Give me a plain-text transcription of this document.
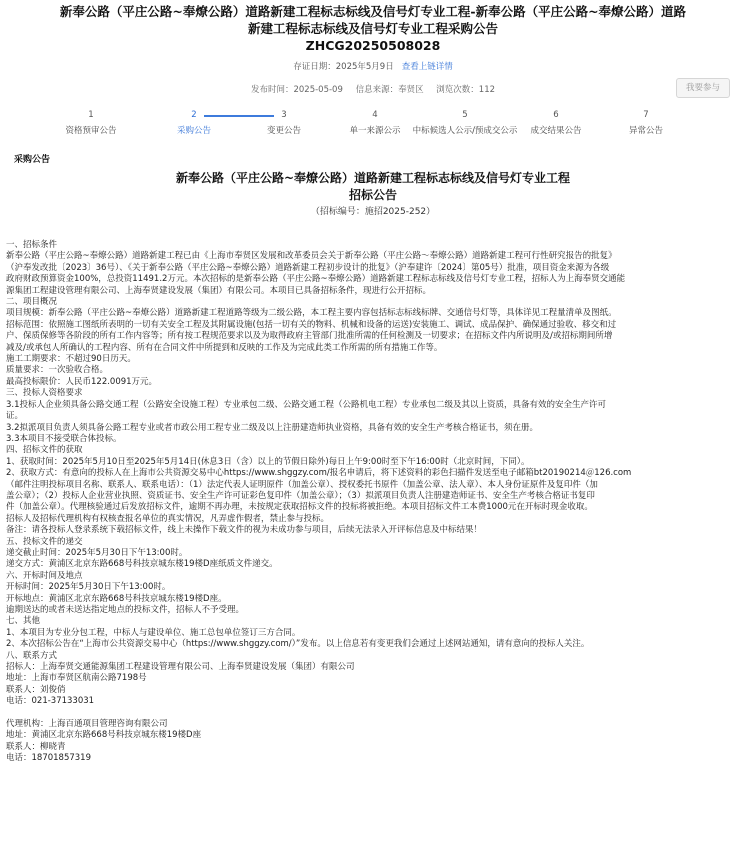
新奉公路（平庄公路~奉燎公路）道路新建工程标志标线及信号灯专业工程-新奉公路（平庄公路~奉燎公路）道路
新建工程标志标线及信号灯专业工程采购公告
ZHCG20250508028
存证日期：2025年5月9日 查看上链详情
发布时间：2025-05-09 信息来源：奉贤区 浏览次数：112	我要参与
1
资格预审公告
2
采购公告
3
变更公告
4
单一来源公示
5
中标候选人公示/预成交公示
6
成交结果公告
7
异常公告
采购公告
新奉公路（平庄公路~奉燎公路）道路新建工程标志标线及信号灯专业工程
招标公告
（招标编号：施招2025-252）

一、招标条件

新奉公路（平庄公路~奉燎公路）道路新建工程已由《上海市奉贤区发展和改革委员会关于新奉公路（平庄公路～奉燎公路）道路新建工程可行性研究报告的批复》

（沪奉发改批〔2023〕36号）、《关于新奉公路（平庄公路~奉燎公路）道路新建工程初步设计的批复》（沪奉建许〔2024〕第05号）批准，项目资金来源为各级

政府财政预算资金100%，总投资11491.2万元。本次招标的是新奉公路（平庄公路~奉燎公路）道路新建工程标志标线及信号灯专业工程，招标人为上海奉贤交通能

源集团工程建设管理有限公司、上海奉贤建设发展（集团）有限公司。本项目已具备招标条件，现进行公开招标。

二、项目概况

项目规模：新奉公路（平庄公路~奉燎公路）道路新建工程道路等级为二级公路，本工程主要内容包括标志标线标牌、交通信号灯等，具体详见工程量清单及图纸。

招标范围：依照施工图纸所表明的一切有关安全工程及其附属设施(包括一切有关的物料、机械和设备的运送)安装施工、调试、成品保护、确保通过验收、移交和过

户、保质保修等各阶段的所有工作内容等；所有按工程规范要求以及为取得政府主管部门批准所需的任何检测及一切要求；在招标文件内所说明及/或招标期间所增

减及/或承包人所确认的工程内容、所有在合同文件中所提到和反映的工作及为完成此类工作所需的所有措施工作等。

施工工期要求：不超过90日历天。

质量要求：一次验收合格。

最高投标限价：人民币122.0091万元。

三、投标人资格要求

3.1投标人企业须具备公路交通工程（公路安全设施工程）专业承包二级、公路交通工程（公路机电工程）专业承包二级及其以上资质，具备有效的安全生产许可

证。

3.2拟派项目负责人须具备公路工程专业或者市政公用工程专业二级及以上注册建造师执业资格，具备有效的安全生产考核合格证书，须在册。

3.3本项目不接受联合体投标。

四、招标文件的获取

1、获取时间：2025年5月10日至2025年5月14日(休息3日（含）以上的节假日除外)每日上午9:00时至下午16:00时（北京时间，下同）。

2、获取方式：有意向的投标人在上海市公共资源交易中心https://www.shggzy.com/报名申请后，将下述资料的彩色扫描件发送至电子邮箱bt20190214＠126.com

（邮件注明投标项目名称、联系人、联系电话）：（1）法定代表人证明原件（加盖公章）、授权委托书原件（加盖公章、法人章）、本人身份证原件及复印件（加

盖公章）；（2）投标人企业营业执照、资质证书、安全生产许可证彩色复印件（加盖公章）；（3）拟派项目负责人注册建造师证书、安全生产考核合格证书复印

件（加盖公章）。代理核验通过后发放招标文件，逾期不再办理，未按规定获取招标文件的投标将被拒绝。本项目招标文件工本费1000元在开标时现金收取。

招标人及招标代理机构有权核查报名单位的真实情况，凡弄虚作假者，禁止参与投标。

备注：请各投标人登录系统下载招标文件，线上未操作下载文件的视为未成功参与项目，后续无法录入开评标信息及中标结果！

五、投标文件的递交

递交截止时间：2025年5月30日下午13:00时。

递交方式：黄浦区北京东路668号科技京城东楼19楼D座纸质文件递交。

六、开标时间及地点

开标时间：2025年5月30日下午13:00时。

开标地点：黄浦区北京东路668号科技京城东楼19楼D座。

逾期送达的或者未送达指定地点的投标文件，招标人不予受理。

七、其他

1、本项目为专业分包工程，中标人与建设单位、施工总包单位签订三方合同。

2、本次招标公告在“上海市公共资源交易中心（https://www.shggzy.com/）”发布。以上信息若有变更我们会通过上述网站通知，请有意向的投标人关注。

八、联系方式

招标人：上海奉贤交通能源集团工程建设管理有限公司、上海奉贤建设发展（集团）有限公司

地址：上海市奉贤区航南公路7198号

联系人：刘俊俏

电话：021-37133031

代理机构：上海百通项目管理咨询有限公司

地址：黄浦区北京东路668号科技京城东楼19楼D座

联系人：柳晓青

电话：18701857319
